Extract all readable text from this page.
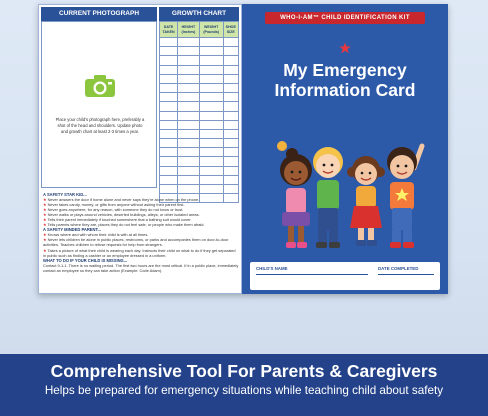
CURRENT PHOTOGRAPH
Place your child's photograph here, preferably a shot of the head and shoulders. Update photo and growth chart at least 2-3 times a year.
GROWTH CHART
DATE TAKEN	HEIGHT (Inches)	WEIGHT (Pounds)	SHOE SIZE

A SAFETY STAR KID...
★ Never answers the door if home alone and never says they're alone when on the phone.
★ Never takes candy, money, or gifts from anyone without asking their parent first.
★ Never goes anywhere, for any reason, with someone they do not know or trust.
★ Never walks or plays around vehicles, deserted buildings, alleys, or other isolated areas.
★ Tells their parent immediately if touched somewhere that a bathing suit would cover.
★ Tells parents where they are, places they do not feel safe, or people who make them afraid.
A SAFETY MINDED PARENT...
★ Knows where and with whom their child is with at all times.
★ Never lets children be alone in public places, restrooms, or parks and accompanies them on door-to-door activities. Teaches children to refuse requests for help from strangers.
★ Takes a picture of what their child is wearing each day. Instructs their child on what to do if they get separated in public such as finding a cashier or an employee dressed in a uniform.
WHAT TO DO IF YOUR CHILD IS MISSING...
Contact 9-1-1. There is no waiting period. The first two hours are the most critical. If in a public place, immediately contact an employee so they can take action (Example: Code Adam).
WHO-I-AM™ CHILD IDENTIFICATION KIT
My Emergency
Information Card
CHILD'S NAME	DATE COMPLETED
Comprehensive Tool For Parents & Caregivers
Helps be prepared for emergency situations while teaching child about safety
